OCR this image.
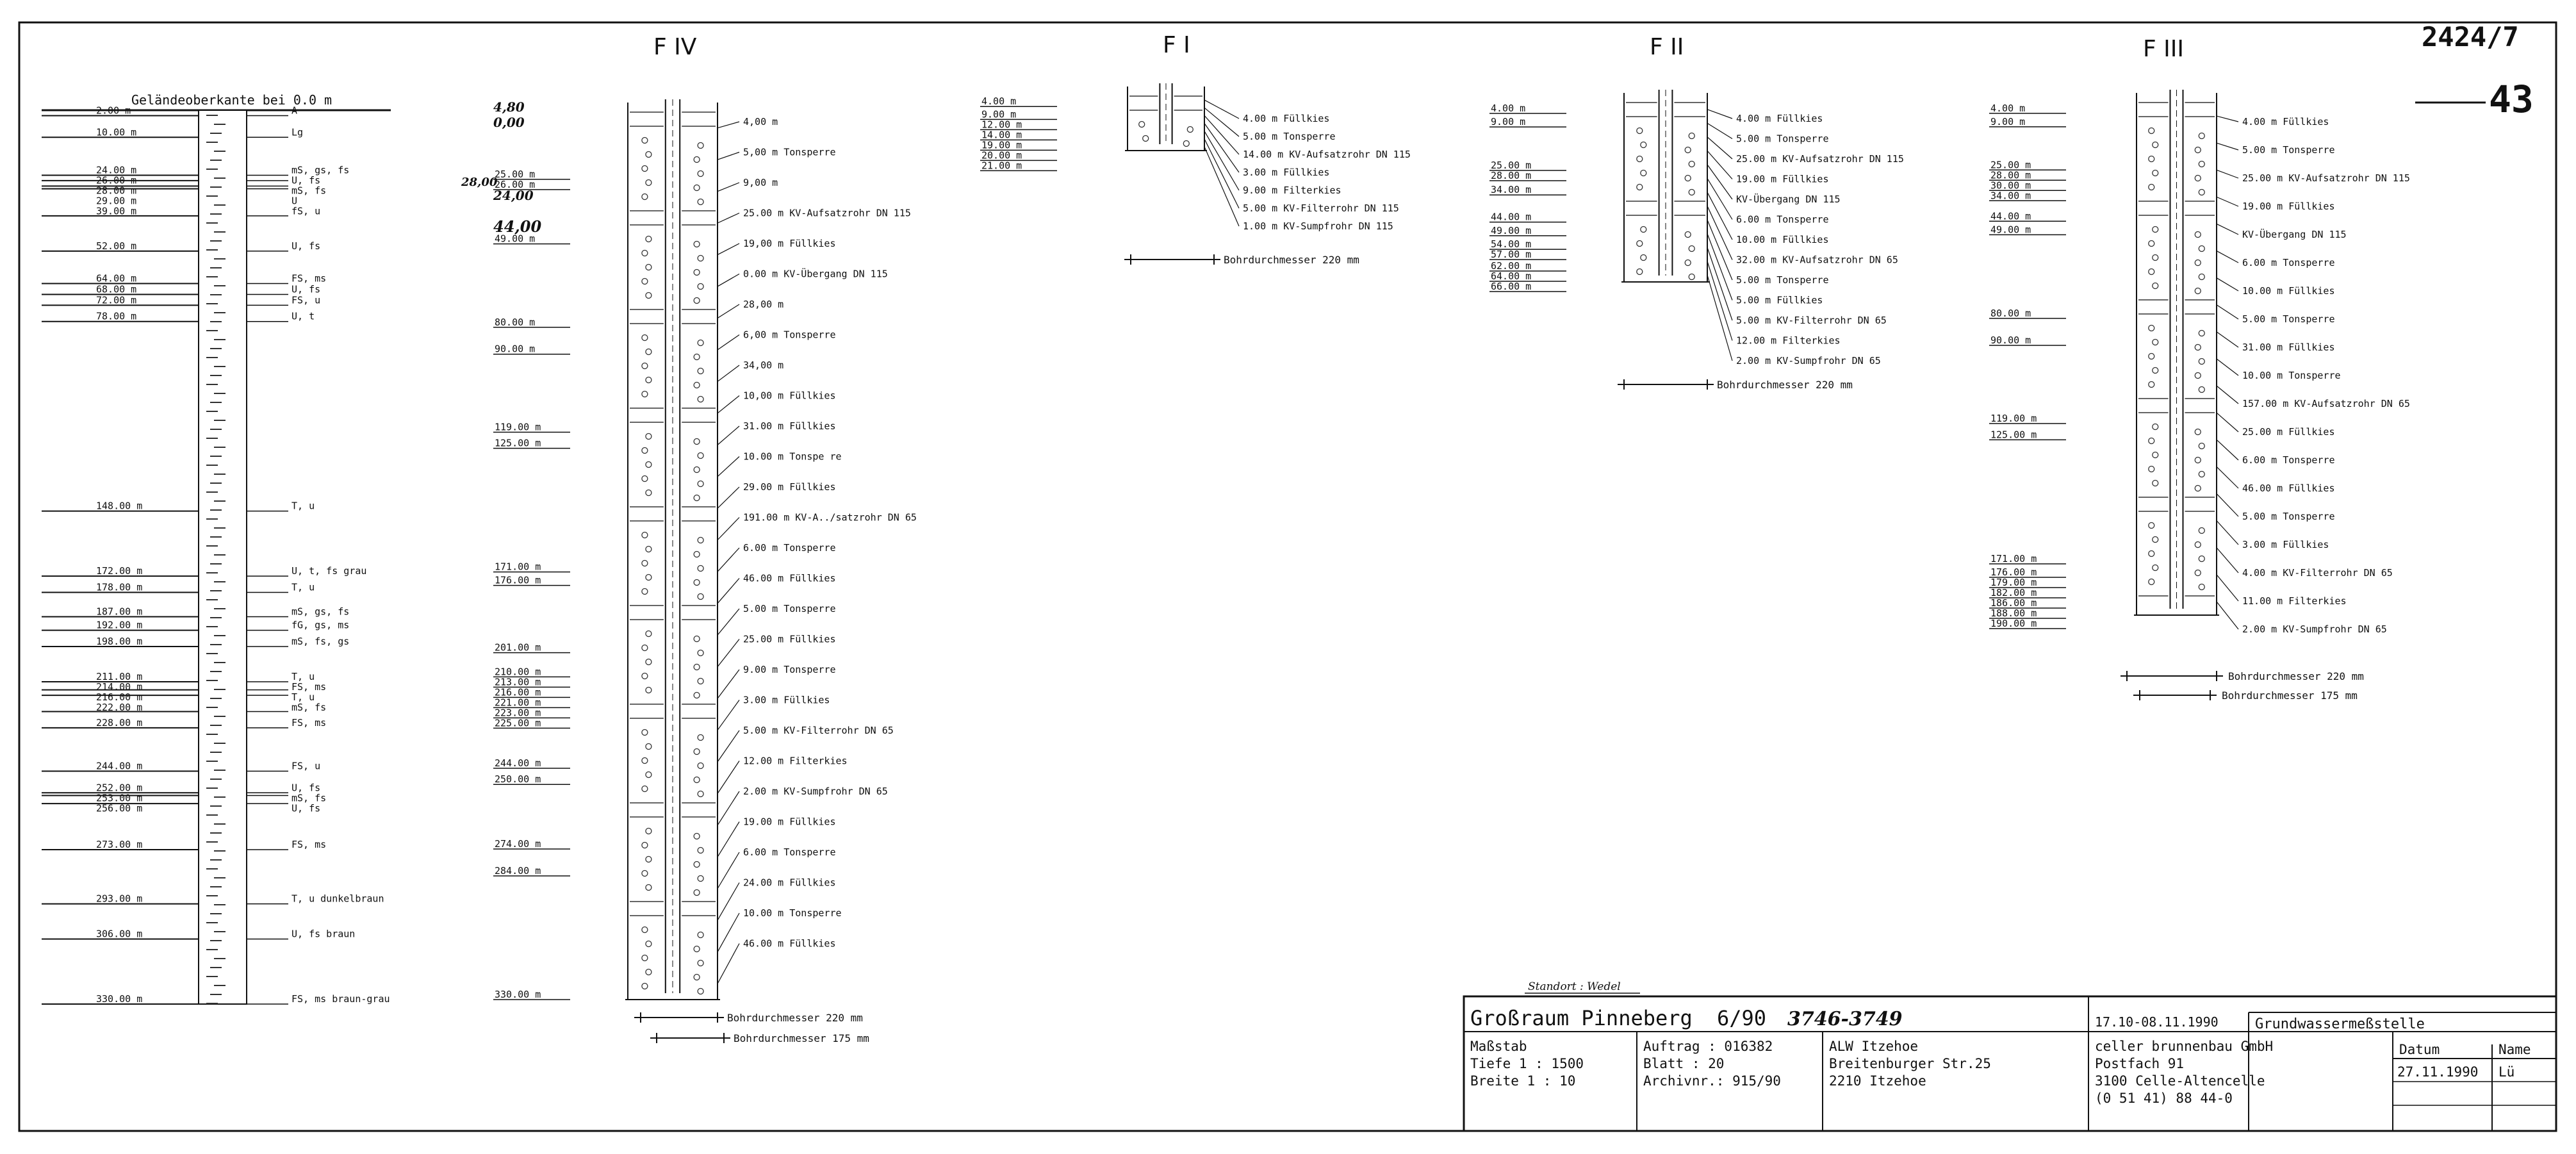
2424/7
43
F IV	F I	F II	F III
Geländeoberkante bei 0.0 m
2.00 m	A
10.00 m	Lg
24.00 m	mS, gs, fs
26.00 m	U, fs
28.00 m	mS, fs
29.00 m	U
39.00 m	fS, u
52.00 m	U, fs
64.00 m	FS, ms
68.00 m	U, fs
72.00 m	FS, u
78.00 m	U, t
148.00 m	T, u
172.00 m	U, t, fs grau
178.00 m	T, u
187.00 m	mS, gs, fs
192.00 m	fG, gs, ms
198.00 m	mS, fs, gs
211.00 m	T, u
214.00 m	FS, ms
216.00 m	T, u
222.00 m	mS, fs
228.00 m	FS, ms
244.00 m	FS, u
252.00 m	U, fs
253.00 m	mS, fs
256.00 m	U, fs
273.00 m	FS, ms
293.00 m	T, u dunkelbraun
306.00 m	U, fs braun
330.00 m	FS, ms braun-grau
4,80
0,00
28,00
24,00
44,00
25.00 m
26.00 m
49.00 m
80.00 m
90.00 m
119.00 m
125.00 m
171.00 m
176.00 m
201.00 m
210.00 m
213.00 m
216.00 m
221.00 m
223.00 m
225.00 m
244.00 m
250.00 m
274.00 m
284.00 m
330.00 m
4,00 m
5,00 m Tonsperre
9,00 m
25.00 m KV-Aufsatzrohr DN 115
19,00 m Füllkies
0.00 m KV-Übergang DN 115
28,00 m
6,00 m Tonsperre
34,00 m
10,00 m Füllkies
31.00 m Füllkies
10.00 m Tonspe re
29.00 m Füllkies
191.00 m KV-A../satzrohr DN 65
6.00 m Tonsperre
46.00 m Füllkies
5.00 m Tonsperre
25.00 m Füllkies
9.00 m Tonsperre
3.00 m Füllkies
5.00 m KV-Filterrohr DN 65
12.00 m Filterkies
2.00 m KV-Sumpfrohr DN 65
19.00 m Füllkies
6.00 m Tonsperre
24.00 m Füllkies
10.00 m Tonsperre
46.00 m Füllkies
Bohrdurchmesser 220 mm
Bohrdurchmesser 175 mm
4.00 m
9.00 m
12.00 m
14.00 m
19.00 m
20.00 m
21.00 m
4.00 m Füllkies
5.00 m Tonsperre
14.00 m KV-Aufsatzrohr DN 115
3.00 m Füllkies
9.00 m Filterkies
5.00 m KV-Filterrohr DN 115
1.00 m KV-Sumpfrohr DN 115
Bohrdurchmesser 220 mm
4.00 m
9.00 m
25.00 m
28.00 m
34.00 m
44.00 m
49.00 m
54.00 m
57.00 m
62.00 m
64.00 m
66.00 m
4.00 m Füllkies
5.00 m Tonsperre
25.00 m KV-Aufsatzrohr DN 115
19.00 m Füllkies
KV-Übergang DN 115
6.00 m Tonsperre
10.00 m Füllkies
32.00 m KV-Aufsatzrohr DN 65
5.00 m Tonsperre
5.00 m Füllkies
5.00 m KV-Filterrohr DN 65
12.00 m Filterkies
2.00 m KV-Sumpfrohr DN 65
Bohrdurchmesser 220 mm
4.00 m
9.00 m
25.00 m
28.00 m
30.00 m
34.00 m
44.00 m
49.00 m
80.00 m
90.00 m
119.00 m
125.00 m
171.00 m
176.00 m
179.00 m
182.00 m
186.00 m
188.00 m
190.00 m
4.00 m Füllkies
5.00 m Tonsperre
25.00 m KV-Aufsatzrohr DN 115
19.00 m Füllkies
KV-Übergang DN 115
6.00 m Tonsperre
10.00 m Füllkies
5.00 m Tonsperre
31.00 m Füllkies
10.00 m Tonsperre
157.00 m KV-Aufsatzrohr DN 65
25.00 m Füllkies
6.00 m Tonsperre
46.00 m Füllkies
5.00 m Tonsperre
3.00 m Füllkies
4.00 m KV-Filterrohr DN 65
11.00 m Filterkies
2.00 m KV-Sumpfrohr DN 65
Bohrdurchmesser 220 mm
Bohrdurchmesser 175 mm
Standort : Wedel
Großraum Pinneberg 6/90 3746-3749	17.10-08.11.1990	Grundwassermeßstelle
Maßstab
Tiefe 1 : 1500
Breite 1 : 10
Auftrag : 016382
Blatt : 20
Archivnr.: 915/90
ALW Itzehoe
Breitenburger Str.25
2210 Itzehoe
celler brunnenbau GmbH
Postfach 91
3100 Celle-Altencelle
(0 51 41) 88 44-0
Datum	Name
27.11.1990 Lü
